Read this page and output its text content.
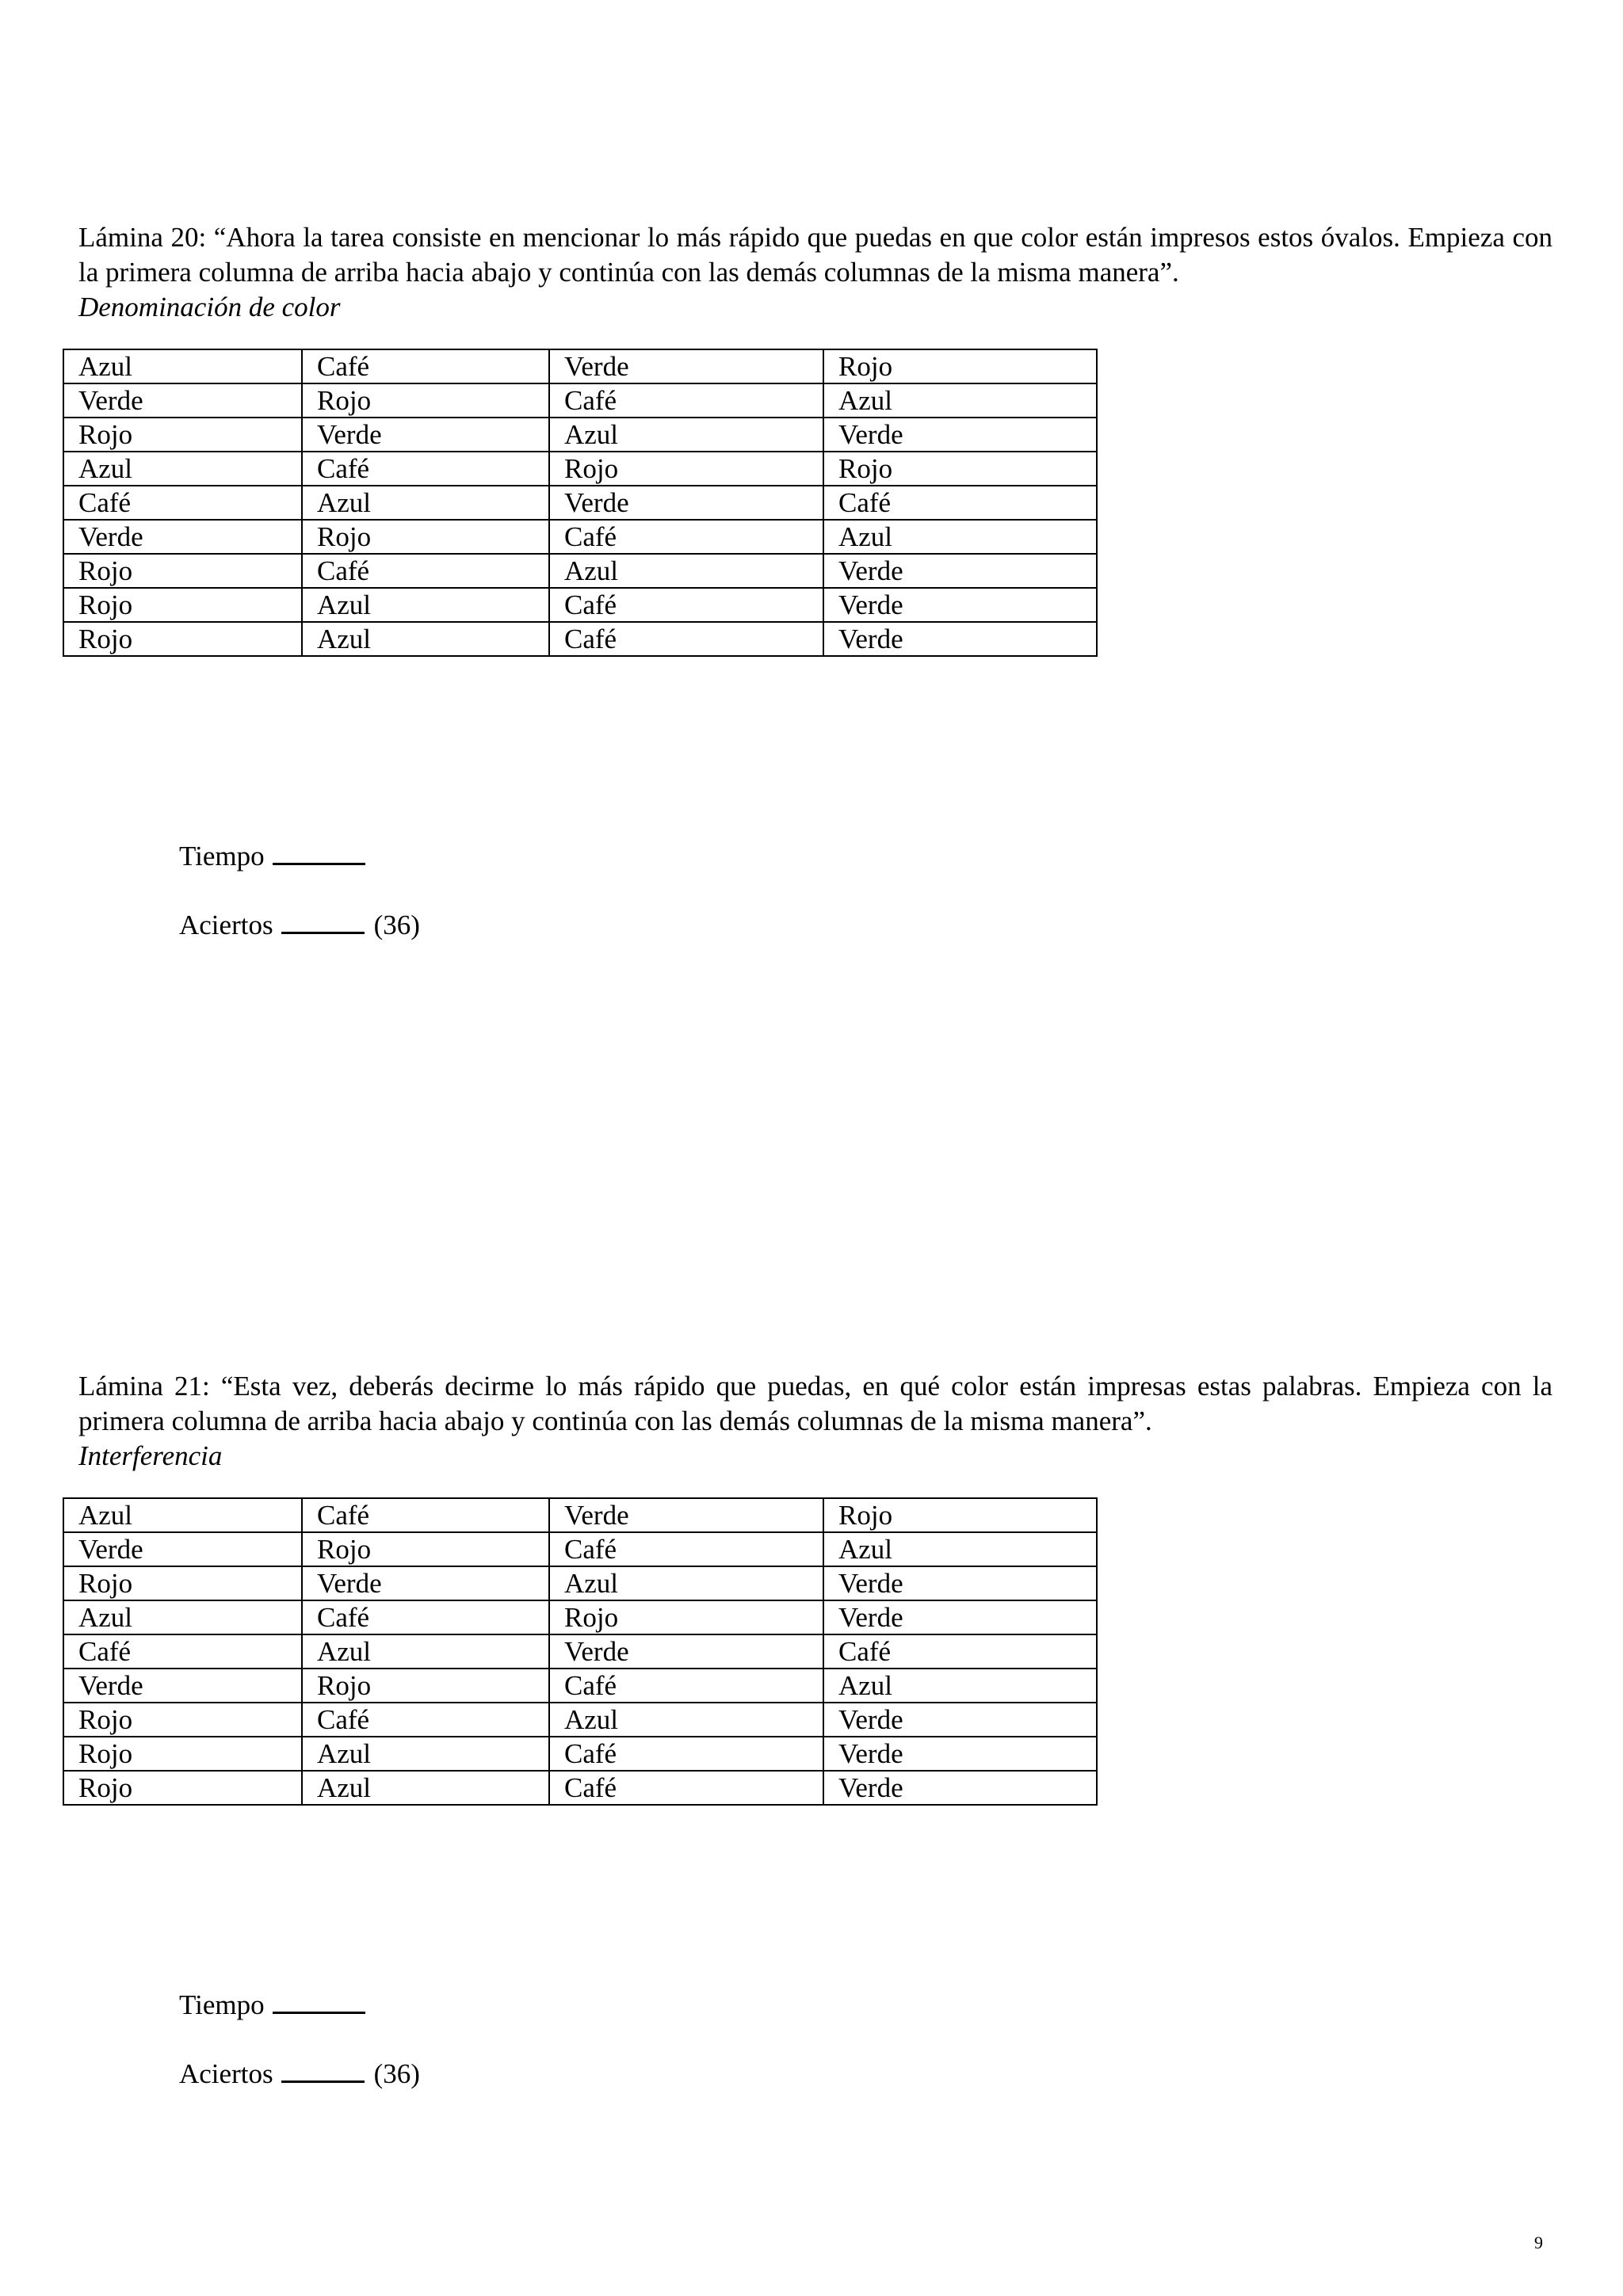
Lámina 20: “Ahora la tarea consiste en mencionar lo más rápido que puedas en que color están impresos estos óvalos. Empieza con la primera columna de arriba hacia abajo y continúa con las demás columnas de la misma manera”.

Denominación de color

Azul	Café	Verde	Rojo
Verde	Rojo	Café	Azul
Rojo	Verde	Azul	Verde
Azul	Café	Rojo	Rojo
Café	Azul	Verde	Café
Verde	Rojo	Café	Azul
Rojo	Café	Azul	Verde
Rojo	Azul	Café	Verde
Rojo	Azul	Café	Verde
Tiempo
Aciertos	(36)

Lámina 21: “Esta vez, deberás decirme lo más rápido que puedas, en qué color están impresas estas palabras. Empieza con la primera columna de arriba hacia abajo y continúa con las demás columnas de la misma manera”.

Interferencia

Azul	Café	Verde	Rojo
Verde	Rojo	Café	Azul
Rojo	Verde	Azul	Verde
Azul	Café	Rojo	Verde
Café	Azul	Verde	Café
Verde	Rojo	Café	Azul
Rojo	Café	Azul	Verde
Rojo	Azul	Café	Verde
Rojo	Azul	Café	Verde
Tiempo
Aciertos	(36)
9
